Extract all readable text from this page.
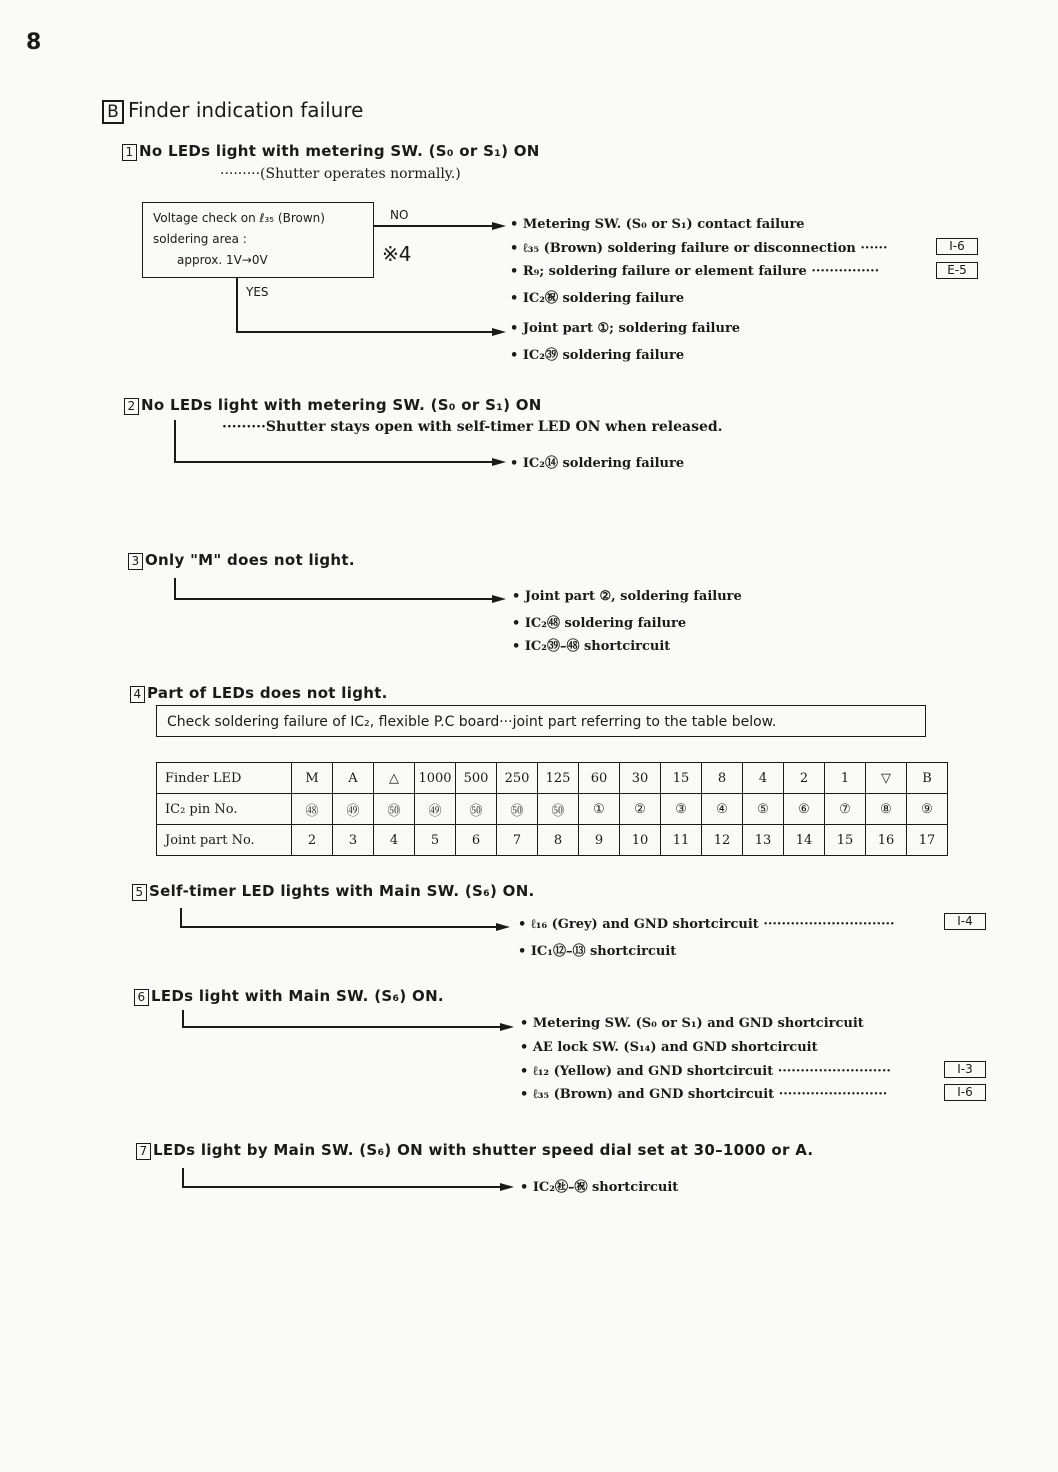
8
B Finder indication failure
1 No LEDs light with metering SW. (S₀ or S₁) ON
·········(Shutter operates normally.)
Voltage check on ℓ₃₅ (Brown)
soldering area :
approx. 1V→0V
NO
※4
YES
• Metering SW. (S₀ or S₁) contact failure
• ℓ₃₅ (Brown) soldering failure or disconnection ······
• R₉; soldering failure or element failure ···············
• IC₂㊗ soldering failure
• Joint part ①; soldering failure
• IC₂㊴ soldering failure
I-6
E-5
2 No LEDs light with metering SW. (S₀ or S₁) ON
·········Shutter stays open with self-timer LED ON when released.
• IC₂⑭ soldering failure
3 Only "M" does not light.
• Joint part ②, soldering failure
• IC₂㊽ soldering failure
• IC₂㊴–㊽ shortcircuit
4 Part of LEDs does not light.
Check soldering failure of IC₂, flexible P.C board···joint part referring to the table below.
Finder LED	M	A	△	1000	500	250	125	60	30	15	8	4	2	1	▽	B
IC₂ pin No.	㊽	㊾	㊿	㊾	㊿	㊿	㊿	①	②	③	④	⑤	⑥	⑦	⑧	⑨
Joint part No.	2	3	4	5	6	7	8	9	10	11	12	13	14	15	16	17
5 Self-timer LED lights with Main SW. (S₆) ON.
• ℓ₁₆ (Grey) and GND shortcircuit ·····························
• IC₁⑫–⑬ shortcircuit
I-4
6 LEDs light with Main SW. (S₆) ON.
• Metering SW. (S₀ or S₁) and GND shortcircuit
• AE lock SW. (S₁₄) and GND shortcircuit
• ℓ₁₂ (Yellow) and GND shortcircuit ·························
• ℓ₃₅ (Brown) and GND shortcircuit ························
I-3
I-6
7 LEDs light by Main SW. (S₆) ON with shutter speed dial set at 30–1000 or A.
• IC₂㊓–㊗ shortcircuit
